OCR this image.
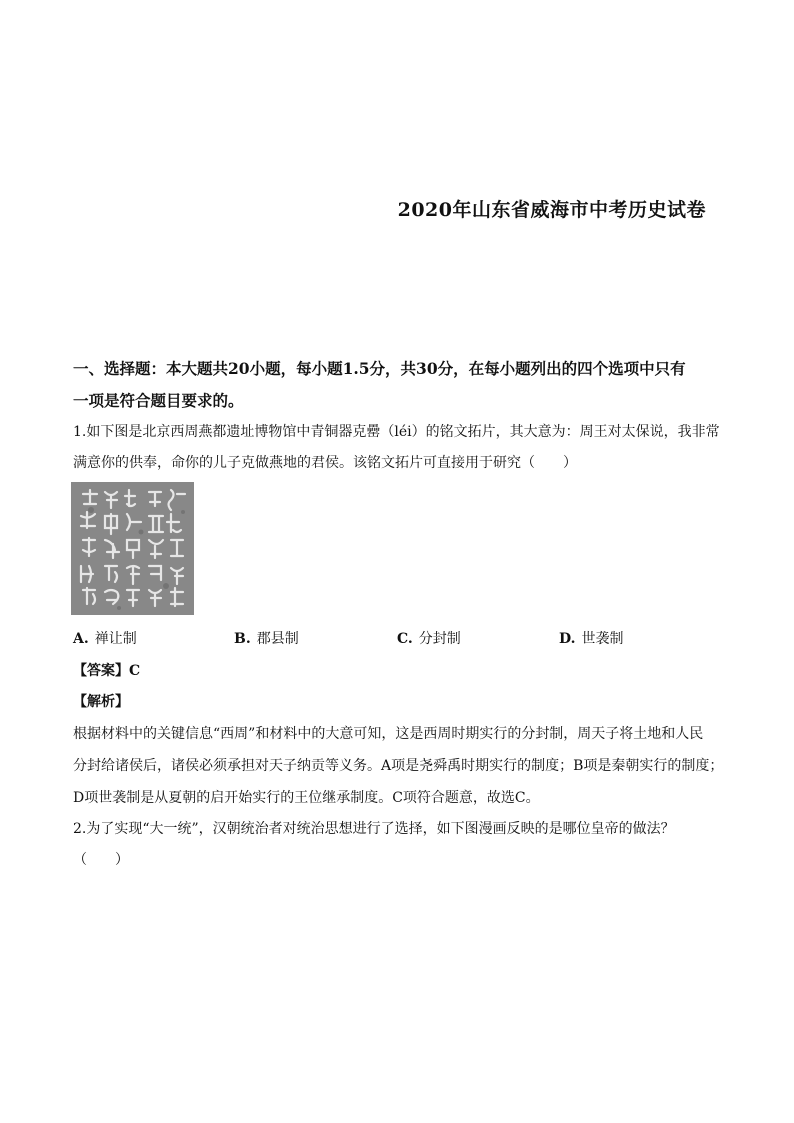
2020年山东省威海市中考历史试卷
一、选择题：本大题共20小题，每小题1.5分，共30分，在每小题列出的四个选项中只有
一项是符合题目要求的。
1.如下图是北京西周燕都遗址博物馆中青铜器克罍（léi）的铭文拓片，其大意为：周王对太保说，我非常
满意你的供奉，命你的儿子克做燕地的君侯。该铭文拓片可直接用于研究（　　）
A. 禅让制	B. 郡县制	C. 分封制	D. 世袭制
【答案】C
【解析】
根据材料中的关键信息“西周”和材料中的大意可知，这是西周时期实行的分封制，周天子将土地和人民
分封给诸侯后，诸侯必须承担对天子纳贡等义务。A项是尧舜禹时期实行的制度；B项是秦朝实行的制度；
D项世袭制是从夏朝的启开始实行的王位继承制度。C项符合题意，故选C。
2.为了实现“大一统”，汉朝统治者对统治思想进行了选择，如下图漫画反映的是哪位皇帝的做法？
（　　）
